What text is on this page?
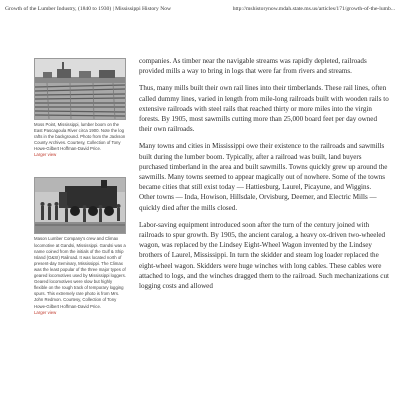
Growth of the Lumber Industry, (1840 to 1930) | Mississippi History Now	http://mshistorynow.mdah.state.ms.us/articles/171/growth-of-the-lumb...
Moss Point, Mississippi, lumber boom on the East Pascagoula River circa 1900. Note the log rafts in the background. Photo from the Jackson County Archives. Courtesy, Collection of Tony Howe-Gilbert Hoffman-David Price.
Larger view
Mason Lumber Company's crew and Climax locomotive at Gandsi, Mississippi. Gandsi was a name coined from the initials of the Gulf & Ship Island (G&SI) Railroad. It was located north of present-day Seminary, Mississippi. The Climax was the least popular of the three major types of geared locomotives used by Mississippi loggers. Geared locomotives were slow but highly flexible on the rough track of temporary logging spurs. This extremely rare photo is from Mrs. John Redmon. Courtesy, Collection of Tony Howe-Gilbert Hoffman-David Price.
Larger view

companies. As timber near the navigable streams was rapidly depleted, railroads provided mills a way to bring in logs that were far from rivers and streams.

Thus, many mills built their own rail lines into their timberlands. These rail lines, often called dummy lines, varied in length from mile-long railroads built with wooden rails to extensive railroads with steel rails that reached thirty or more miles into the virgin forests. By 1905, most sawmills cutting more than 25,000 board feet per day owned their own railroads.

Many towns and cities in Mississippi owe their existence to the railroads and sawmills built during the lumber boom. Typically, after a railroad was built, land buyers purchased timberland in the area and built sawmills. Towns quickly grew up around the sawmills. Many towns seemed to appear magically out of nowhere. Some of the towns became cities that still exist today — Hattiesburg, Laurel, Picayune, and Wiggins. Other towns — Inda, Howison, Hillsdale, Orvisburg, Deemer, and Electric Mills — quickly died after the mills closed.

Labor-saving equipment introduced soon after the turn of the century joined with railroads to spur growth. By 1905, the ancient caralog, a heavy ox-driven two-wheeled wagon, was replaced by the Lindsey Eight-Wheel Wagon invented by the Lindsey brothers of Laurel, Mississippi. In turn the skidder and steam log loader replaced the eight-wheel wagon. Skidders were huge winches with long cables. These cables were attached to logs, and the winches dragged them to the railroad. Such mechanizations cut logging costs and allowed
